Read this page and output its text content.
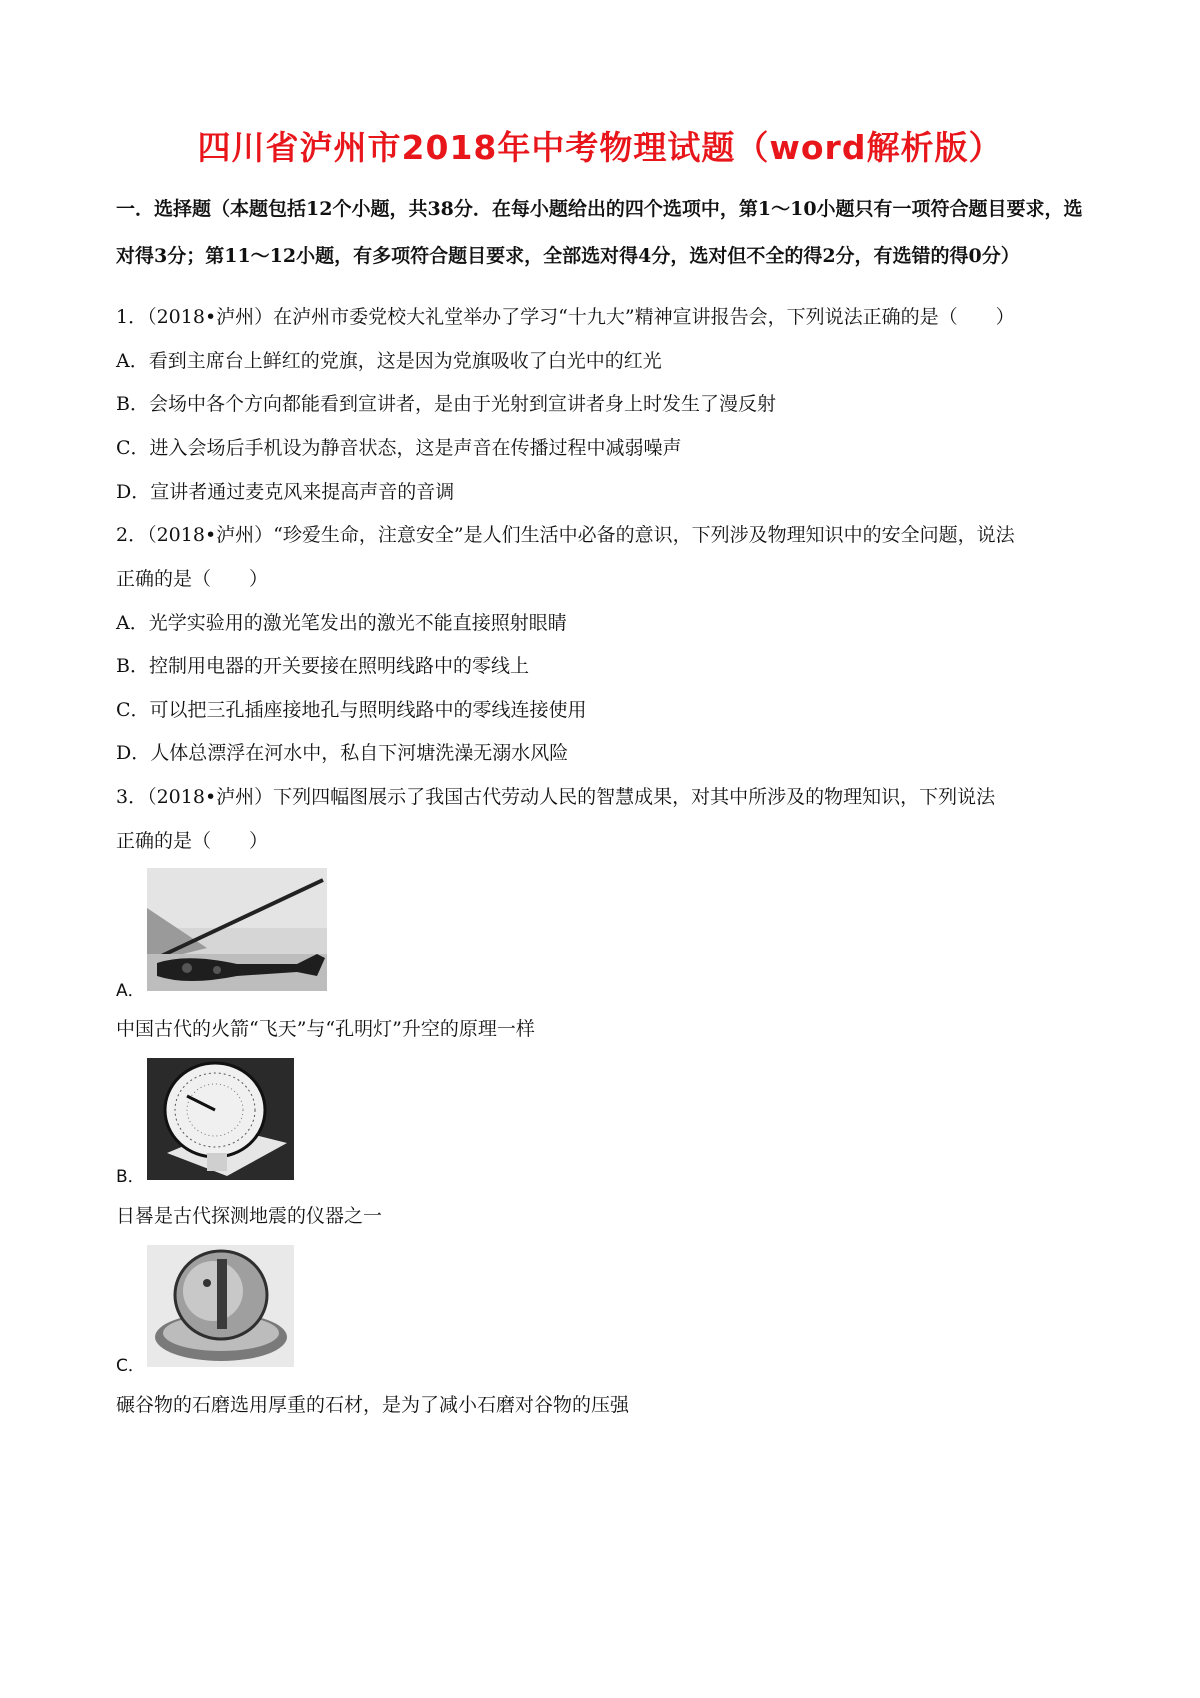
四川省泸州市2018年中考物理试题（word解析版）
一．选择题（本题包括12个小题，共38分．在每小题给出的四个选项中，第1～10小题只有一项符合题目要求，选对得3分；第11～12小题，有多项符合题目要求，全部选对得4分，选对但不全的得2分，有选错的得0分）
1．（2018•泸州）在泸州市委党校大礼堂举办了学习“十九大”精神宣讲报告会，下列说法正确的是（　　）
A．看到主席台上鲜红的党旗，这是因为党旗吸收了白光中的红光
B．会场中各个方向都能看到宣讲者，是由于光射到宣讲者身上时发生了漫反射
C．进入会场后手机设为静音状态，这是声音在传播过程中减弱噪声
D．宣讲者通过麦克风来提高声音的音调
2．（2018•泸州）“珍爱生命，注意安全”是人们生活中必备的意识，下列涉及物理知识中的安全问题，说法
正确的是（　　）
A．光学实验用的激光笔发出的激光不能直接照射眼睛
B．控制用电器的开关要接在照明线路中的零线上
C．可以把三孔插座接地孔与照明线路中的零线连接使用
D．人体总漂浮在河水中，私自下河塘洗澡无溺水风险
3．（2018•泸州）下列四幅图展示了我国古代劳动人民的智慧成果，对其中所涉及的物理知识，下列说法
正确的是（　　）
A．
中国古代的火箭“飞天”与“孔明灯”升空的原理一样
B．
日晷是古代探测地震的仪器之一
C．
碾谷物的石磨选用厚重的石材，是为了减小石磨对谷物的压强
